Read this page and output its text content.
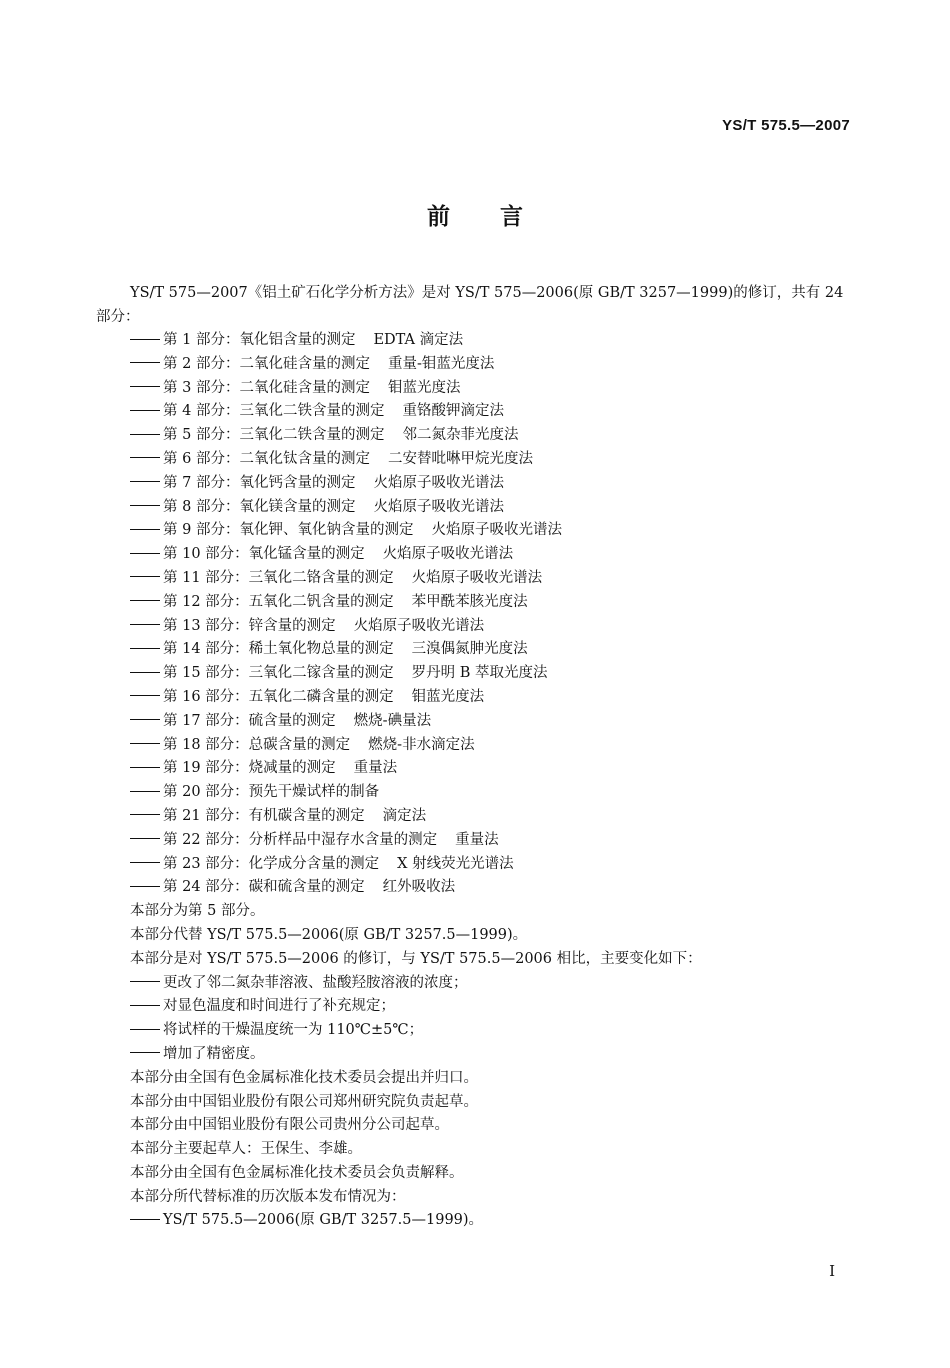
YS/T 575.5—2007
前言

YS/T 575—2007《铝土矿石化学分析方法》是对 YS/T 575—2006(原 GB/T 3257—1999)的修订，共有 24 部分：

第 1 部分：氧化铝含量的测定 EDTA 滴定法
第 2 部分：二氧化硅含量的测定 重量-钼蓝光度法
第 3 部分：二氧化硅含量的测定 钼蓝光度法
第 4 部分：三氧化二铁含量的测定 重铬酸钾滴定法
第 5 部分：三氧化二铁含量的测定 邻二氮杂菲光度法
第 6 部分：二氧化钛含量的测定 二安替吡啉甲烷光度法
第 7 部分：氧化钙含量的测定 火焰原子吸收光谱法
第 8 部分：氧化镁含量的测定 火焰原子吸收光谱法
第 9 部分：氧化钾、氧化钠含量的测定 火焰原子吸收光谱法
第 10 部分：氧化锰含量的测定 火焰原子吸收光谱法
第 11 部分：三氧化二铬含量的测定 火焰原子吸收光谱法
第 12 部分：五氧化二钒含量的测定 苯甲酰苯胲光度法
第 13 部分：锌含量的测定 火焰原子吸收光谱法
第 14 部分：稀土氧化物总量的测定 三溴偶氮胂光度法
第 15 部分：三氧化二镓含量的测定 罗丹明 B 萃取光度法
第 16 部分：五氧化二磷含量的测定 钼蓝光度法
第 17 部分：硫含量的测定 燃烧-碘量法
第 18 部分：总碳含量的测定 燃烧-非水滴定法
第 19 部分：烧减量的测定 重量法
第 20 部分：预先干燥试样的制备
第 21 部分：有机碳含量的测定 滴定法
第 22 部分：分析样品中湿存水含量的测定 重量法
第 23 部分：化学成分含量的测定 X 射线荧光光谱法
第 24 部分：碳和硫含量的测定 红外吸收法

本部分为第 5 部分。

本部分代替 YS/T 575.5—2006(原 GB/T 3257.5—1999)。

本部分是对 YS/T 575.5—2006 的修订，与 YS/T 575.5—2006 相比，主要变化如下：

更改了邻二氮杂菲溶液、盐酸羟胺溶液的浓度；
对显色温度和时间进行了补充规定；
将试样的干燥温度统一为 110℃±5℃；
增加了精密度。

本部分由全国有色金属标准化技术委员会提出并归口。

本部分由中国铝业股份有限公司郑州研究院负责起草。

本部分由中国铝业股份有限公司贵州分公司起草。

本部分主要起草人：王保生、李雄。

本部分由全国有色金属标准化技术委员会负责解释。

本部分所代替标准的历次版本发布情况为：

YS/T 575.5—2006(原 GB/T 3257.5—1999)。
I
